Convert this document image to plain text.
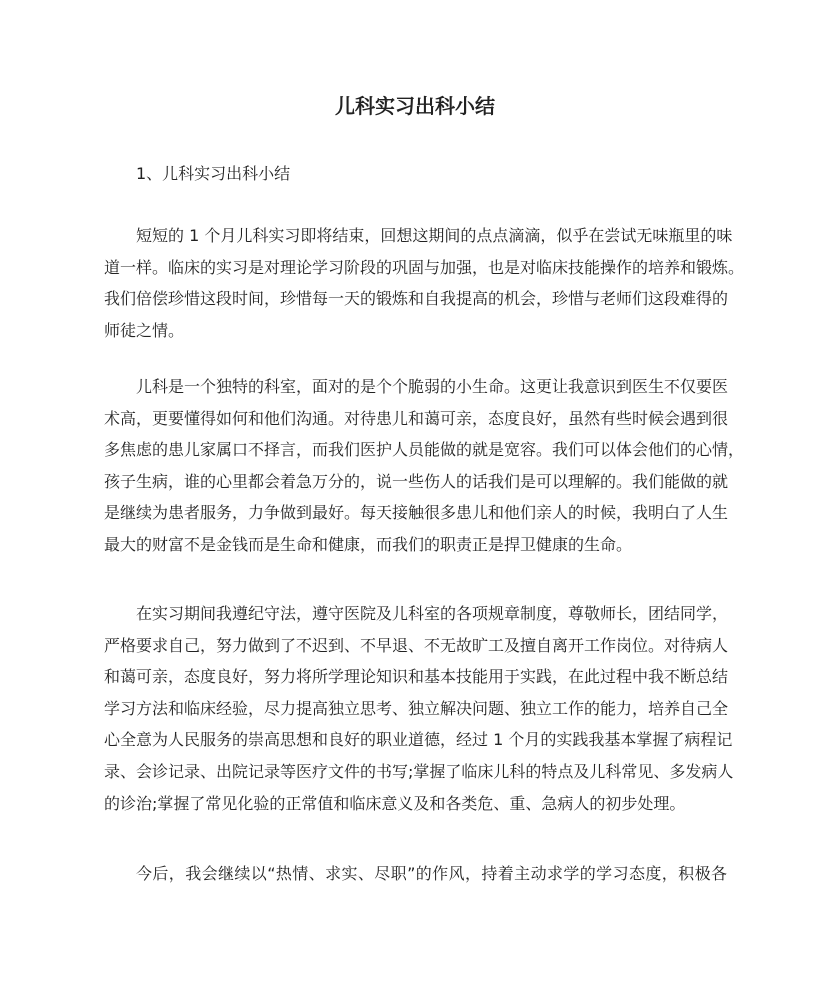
儿科实习出科小结
1、儿科实习出科小结
短短的 1 个月儿科实习即将结束，回想这期间的点点滴滴，似乎在尝试无味瓶里的味
道一样。临床的实习是对理论学习阶段的巩固与加强，也是对临床技能操作的培养和锻炼。
我们倍偿珍惜这段时间，珍惜每一天的锻炼和自我提高的机会，珍惜与老师们这段难得的
师徒之情。
儿科是一个独特的科室，面对的是个个脆弱的小生命。这更让我意识到医生不仅要医
术高，更要懂得如何和他们沟通。对待患儿和蔼可亲，态度良好，虽然有些时候会遇到很
多焦虑的患儿家属口不择言，而我们医护人员能做的就是宽容。我们可以体会他们的心情，
孩子生病，谁的心里都会着急万分的，说一些伤人的话我们是可以理解的。我们能做的就
是继续为患者服务，力争做到最好。每天接触很多患儿和他们亲人的时候，我明白了人生
最大的财富不是金钱而是生命和健康，而我们的职责正是捍卫健康的生命。
在实习期间我遵纪守法，遵守医院及儿科室的各项规章制度，尊敬师长，团结同学，
严格要求自己，努力做到了不迟到、不早退、不无故旷工及擅自离开工作岗位。对待病人
和蔼可亲，态度良好，努力将所学理论知识和基本技能用于实践，在此过程中我不断总结
学习方法和临床经验，尽力提高独立思考、独立解决问题、独立工作的能力，培养自己全
心全意为人民服务的崇高思想和良好的职业道德，经过 1 个月的实践我基本掌握了病程记
录、会诊记录、出院记录等医疗文件的书写;掌握了临床儿科的特点及儿科常见、多发病人
的诊治;掌握了常见化验的正常值和临床意义及和各类危、重、急病人的初步处理。
今后，我会继续以“热情、求实、尽职”的作风，持着主动求学的学习态度，积极各
